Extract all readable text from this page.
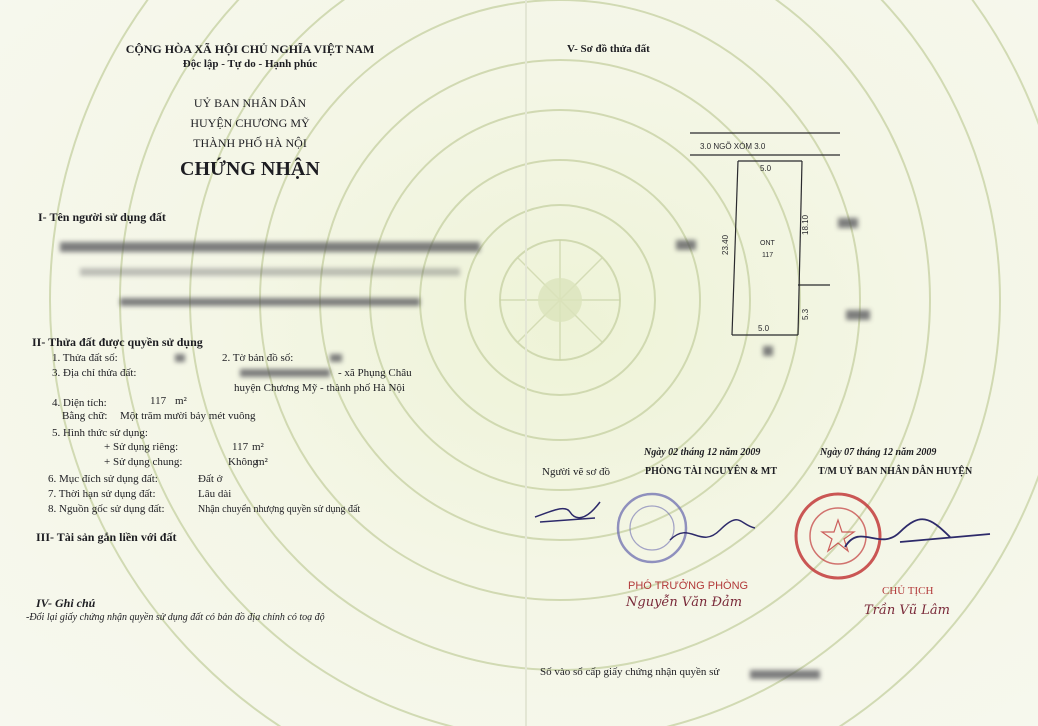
CỘNG HÒA XÃ HỘI CHỦ NGHĨA VIỆT NAM
Độc lập - Tự do - Hạnh phúc
UỶ BAN NHÂN DÂN
HUYỆN CHƯƠNG MỸ
THÀNH PHỐ HÀ NỘI
CHỨNG NHẬN
I- Tên người sử dụng đất
II- Thửa đất được quyền sử dụng
1. Thửa đất số:	2. Tờ bản đồ số:
3. Địa chỉ thửa đất:	- xã Phụng Châu
huyện Chương Mỹ - thành phố Hà Nội
4. Diện tích:	117 m²
Bằng chữ: Một trăm mười bảy mét vuông
5. Hình thức sử dụng:
+ Sử dụng riêng:	117 m²
+ Sử dụng chung:	Không
m²
6. Mục đích sử dụng đất:	Đất ở
7. Thời hạn sử dụng đất:	Lâu dài
8. Nguồn gốc sử dụng đất:	Nhận chuyển nhượng quyền sử dụng đất
III- Tài sản gắn liền với đất
IV- Ghi chú
-Đổi lại giấy chứng nhận quyền sử dụng đất có bản đồ địa chính có toạ độ
V- Sơ đồ thửa đất
3.0 NGÕ XÓM 3.0
5.0
5.0
23.40
18.10
5.3
ONT
117
Ngày 02 tháng 12 năm 2009	Ngày 07 tháng 12 năm 2009
Người vẽ sơ đồ	PHÒNG TÀI NGUYÊN & MT	T/M UỶ BAN NHÂN DÂN HUYỆN
PHÓ TRƯỞNG PHÒNG	CHỦ TỊCH
Nguyễn Văn Đảm
Trần Vũ Lâm
Số vào sổ cấp giấy chứng nhận quyền sử
